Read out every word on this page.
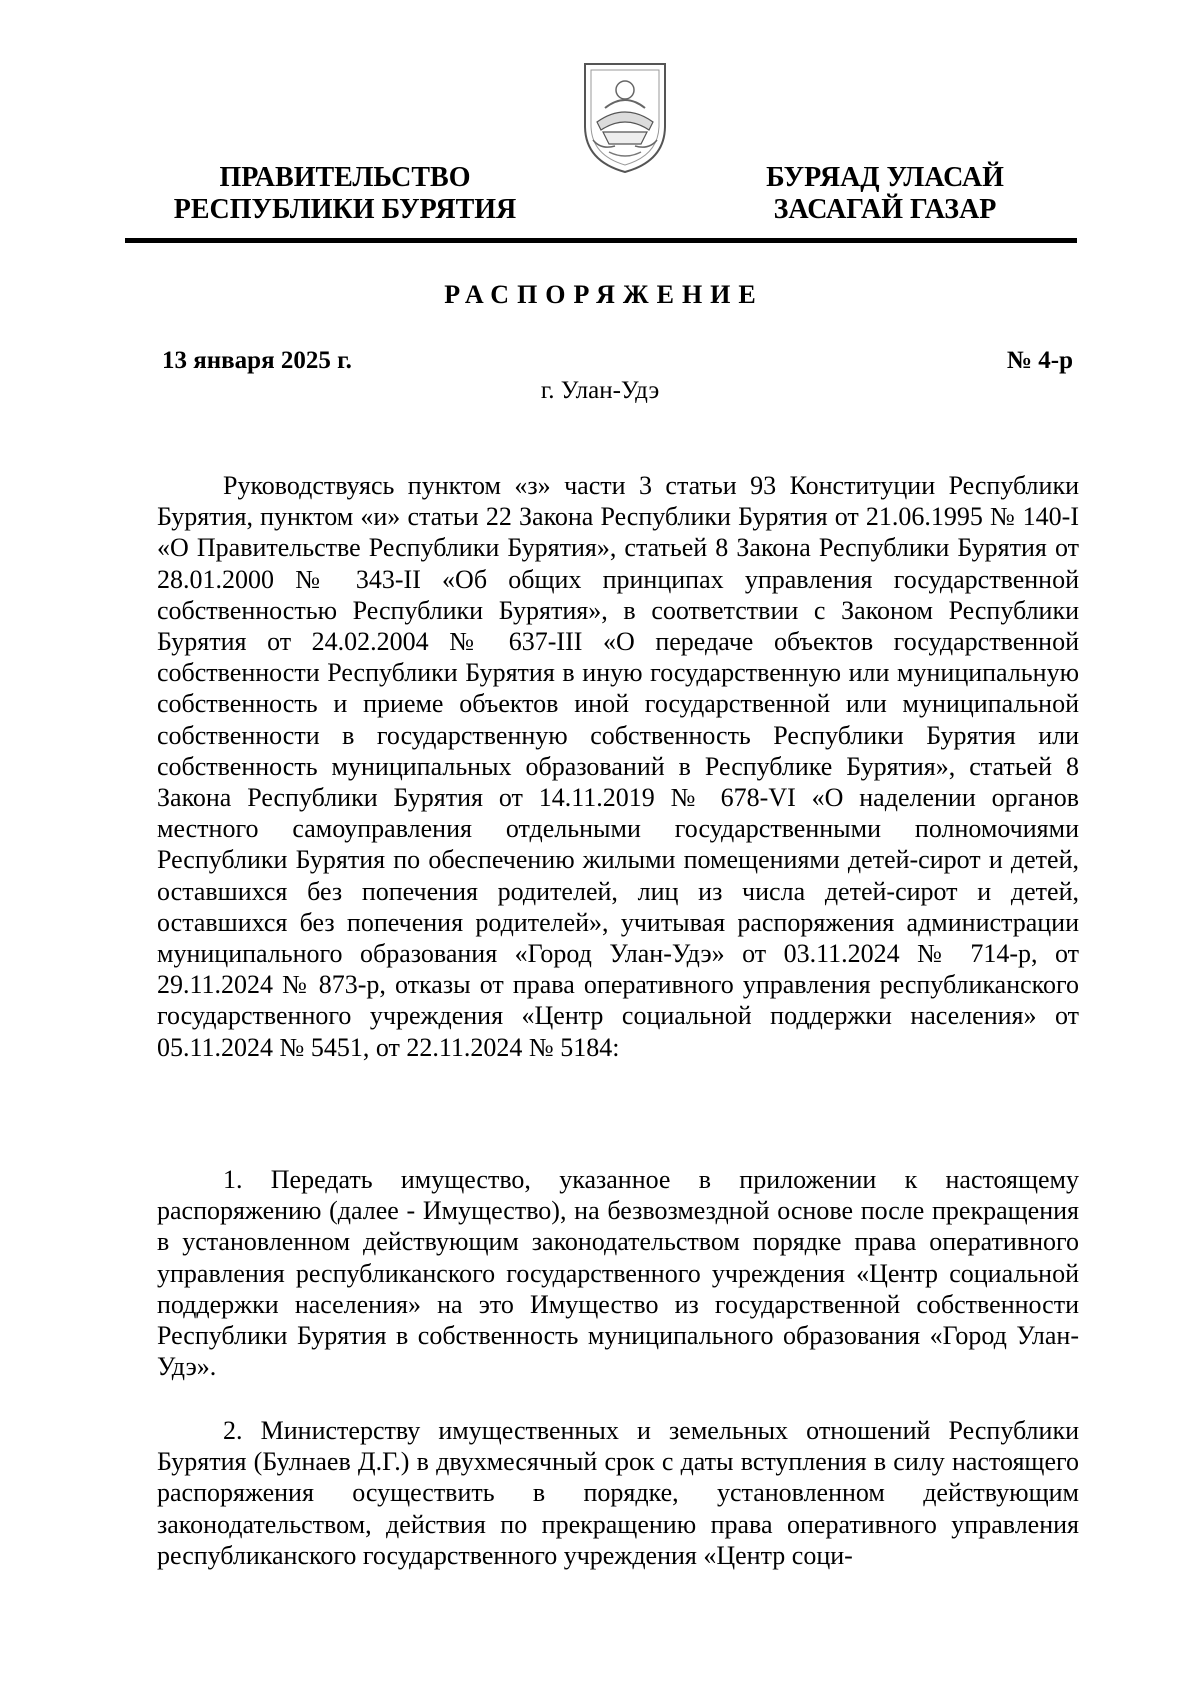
ПРАВИТЕЛЬСТВО
РЕСПУБЛИКИ БУРЯТИЯ
БУРЯАД УЛАСАЙ
ЗАСАГАЙ ГАЗАР
РАСПОРЯЖЕНИЕ
13 января 2025 г.	№ 4-р
г. Улан-Удэ

Руководствуясь пунктом «з» части 3 статьи 93 Конституции Республики Бурятия, пунктом «и» статьи 22 Закона Республики Бурятия от 21.06.1995 № 140-I «О Правительстве Республики Бурятия», статьей 8 Закона Республики Бурятия от 28.01.2000 № 343-II «Об общих принципах управления государственной собственностью Республики Бурятия», в соответствии с Законом Республики Бурятия от 24.02.2004 № 637-III «О передаче объектов государственной собственности Республики Бурятия в иную государственную или муниципальную собственность и приеме объектов иной государственной или муниципальной собственности в государственную собственность Республики Бурятия или собственность муниципальных образований в Республике Бурятия», статьей 8 Закона Республики Бурятия от 14.11.2019 № 678-VI «О наделении органов местного самоуправления отдельными государственными полномочиями Республики Бурятия по обеспечению жилыми помещениями детей-сирот и детей, оставшихся без попечения родителей, лиц из числа детей-сирот и детей, оставшихся без попечения родителей», учитывая распоряжения администрации муниципального образования «Город Улан-Удэ» от 03.11.2024 № 714-р, от 29.11.2024 № 873-р, отказы от права оперативного управления республиканского государственного учреждения «Центр социальной поддержки населения» от 05.11.2024 № 5451, от 22.11.2024 № 5184:

1. Передать имущество, указанное в приложении к настоящему распоряжению (далее - Имущество), на безвозмездной основе после прекращения в установленном действующим законодательством порядке права оперативного управления республиканского государственного учреждения «Центр социальной поддержки населения» на это Имущество из государственной собственности Республики Бурятия в собственность муниципального образования «Город Улан-Удэ».

2. Министерству имущественных и земельных отношений Республики Бурятия (Булнаев Д.Г.) в двухмесячный срок с даты вступления в силу настоящего распоряжения осуществить в порядке, установленном действующим законодательством, действия по прекращению права оперативного управления республиканского государственного учреждения «Центр соци-
